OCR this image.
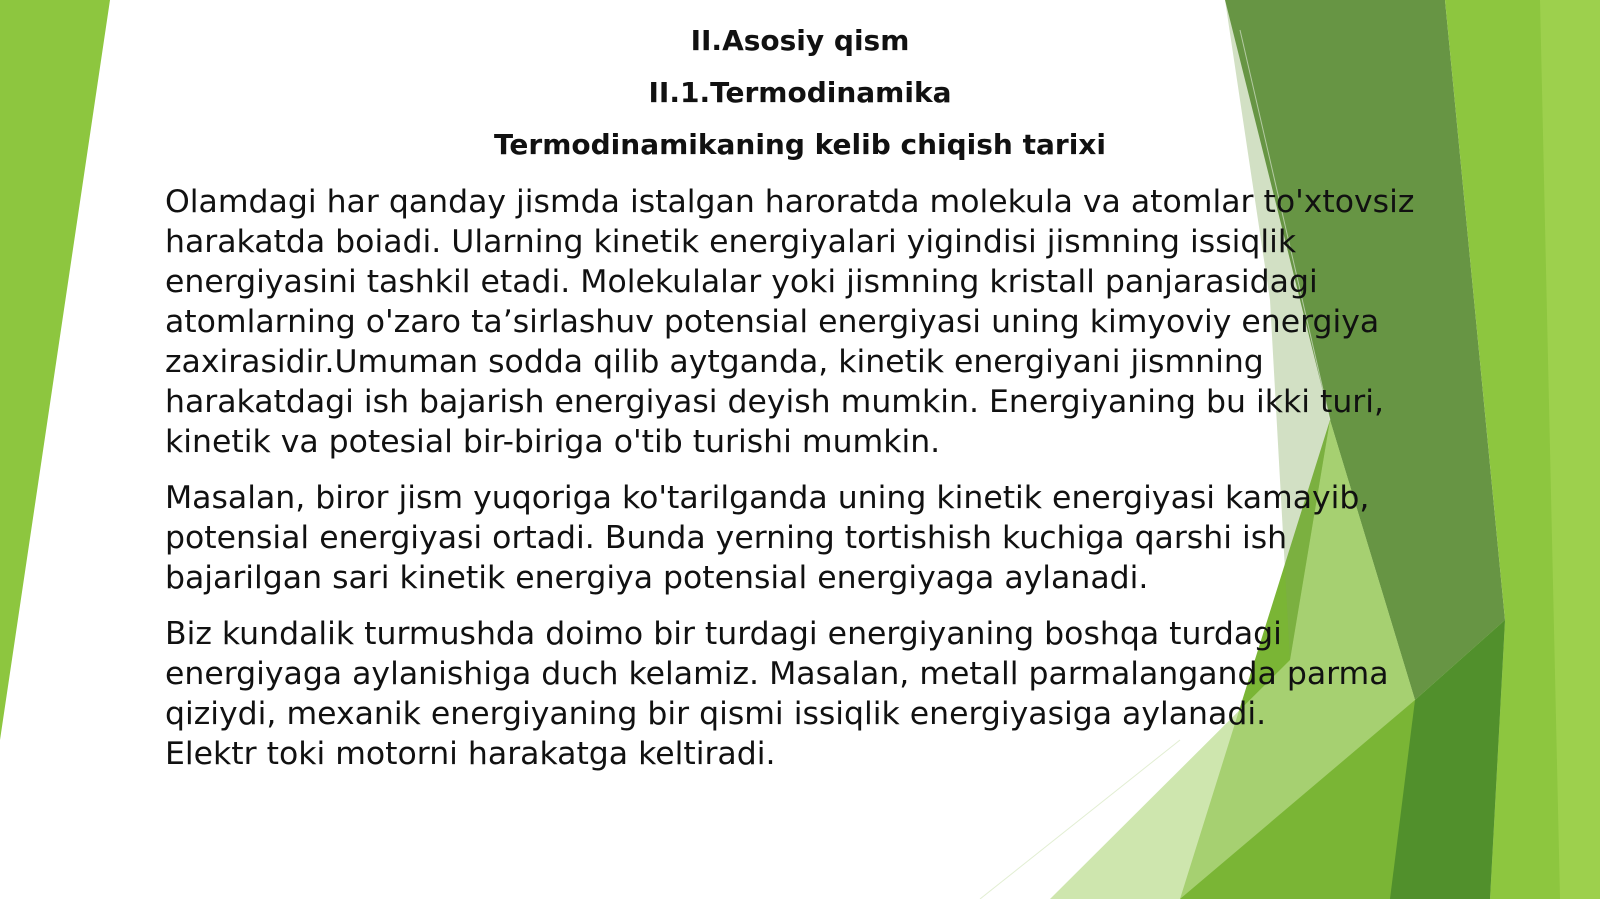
II.Asosiy qism
II.1.Termodinamika
Termodinamikaning kelib chiqish tarixi

Olamdagi har qanday jismda istalgan haroratda molekula va atomlar to'xtovsiz
harakatda boiadi. Ularning kinetik energiyalari yigindisi jismning issiqlik
energiyasini tashkil etadi. Molekulalar yoki jismning kristall panjarasidagi
atomlarning o'zaro ta’sirlashuv potensial energiyasi uning kimyoviy energiya
zaxirasidir.Umuman sodda qilib aytganda, kinetik energiyani jismning
harakatdagi ish bajarish energiyasi deyish mumkin. Energiyaning bu ikki turi,
kinetik va potesial bir-biriga o'tib turishi mumkin.

Masalan, biror jism yuqoriga ko'tarilganda uning kinetik energiyasi kamayib,
potensial energiyasi ortadi. Bunda yerning tortishish kuchiga qarshi ish
bajarilgan sari kinetik energiya potensial energiyaga aylanadi.

Biz kundalik turmushda doimo bir turdagi energiyaning boshqa turdagi
energiyaga aylanishiga duch kelamiz. Masalan, metall parmalanganda parma
qiziydi, mexanik energiyaning bir qismi issiqlik energiyasiga aylanadi.
Elektr toki motorni harakatga keltiradi.
